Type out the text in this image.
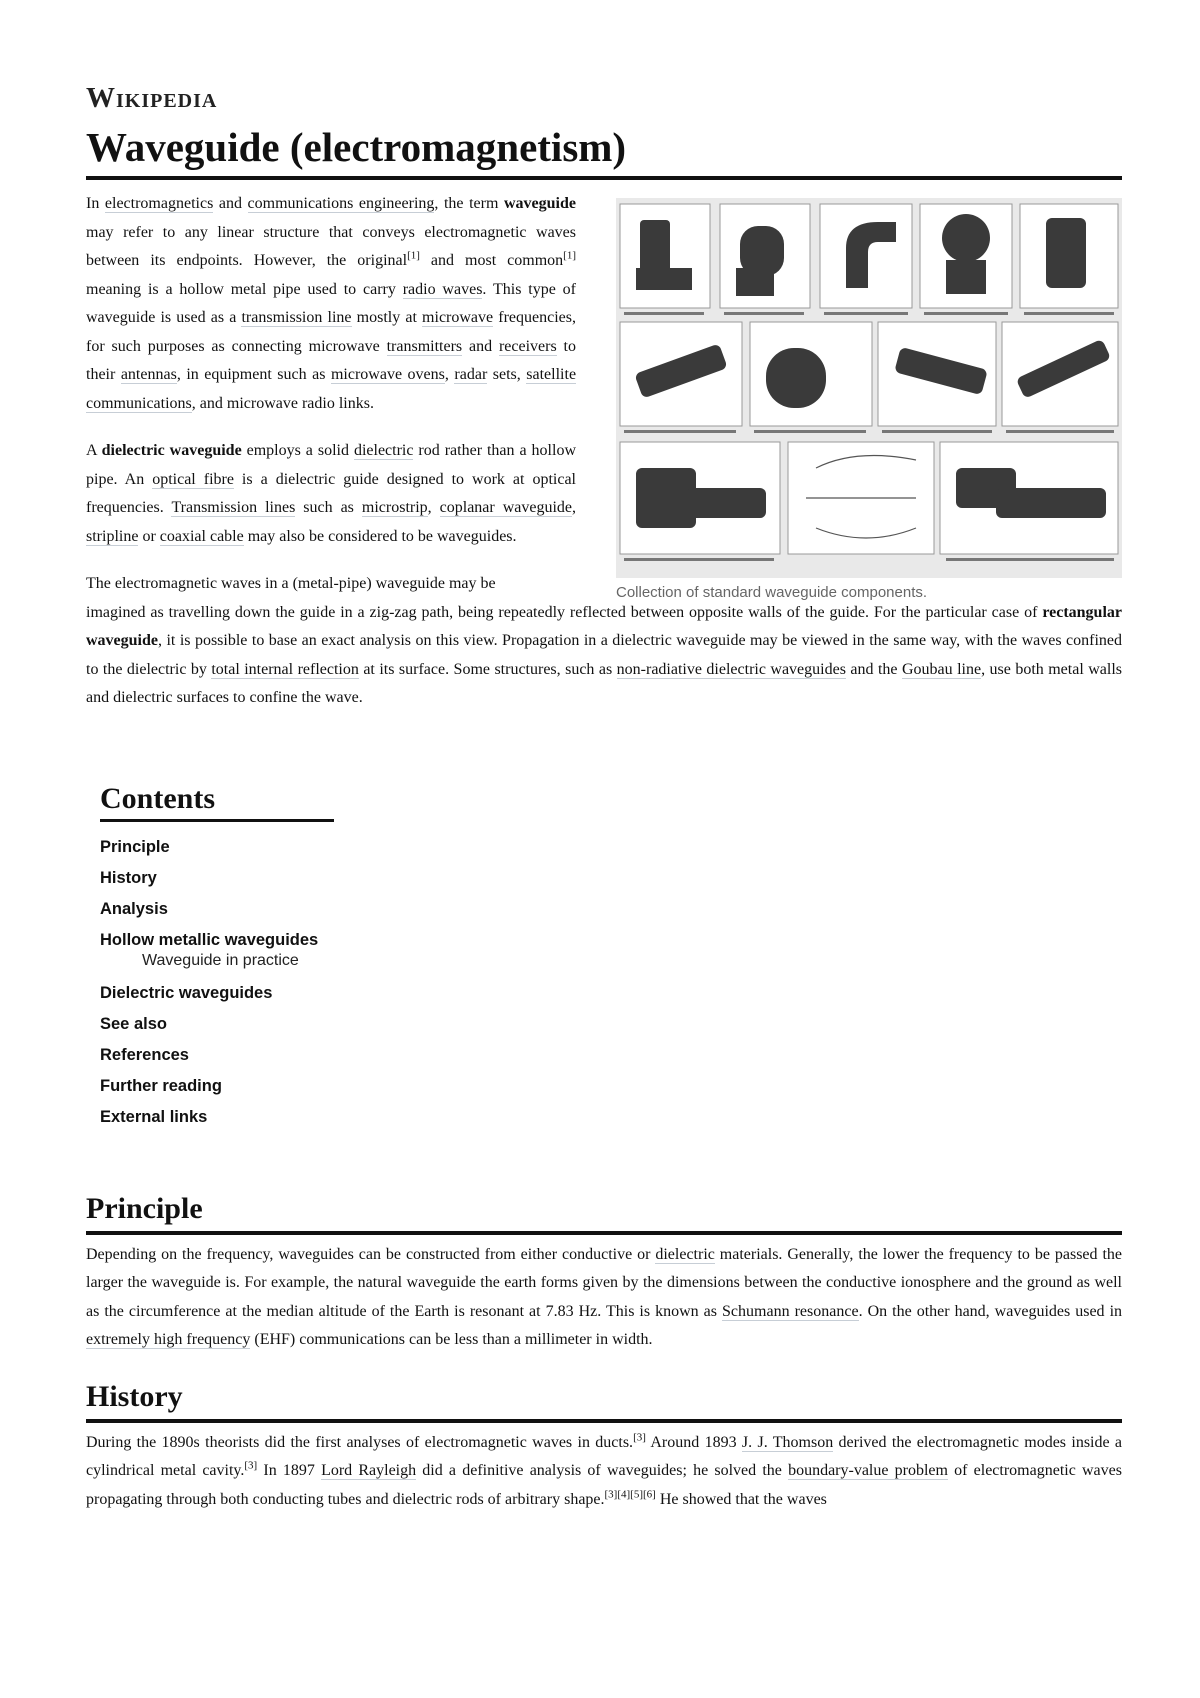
Wikipedia
Waveguide (electromagnetism)
Collection of standard waveguide components.

In electromagnetics and communications engineering, the term waveguide may refer to any linear structure that conveys electromagnetic waves between its endpoints. However, the original[1] and most common[1] meaning is a hollow metal pipe used to carry radio waves. This type of waveguide is used as a transmission line mostly at microwave frequencies, for such purposes as connecting microwave transmitters and receivers to their antennas, in equipment such as microwave ovens, radar sets, satellite communications, and microwave radio links.

A dielectric waveguide employs a solid dielectric rod rather than a hollow pipe. An optical fibre is a dielectric guide designed to work at optical frequencies. Transmission lines such as microstrip, coplanar waveguide, stripline or coaxial cable may also be considered to be waveguides.

The electromagnetic waves in a (metal-pipe) waveguide may be

imagined as travelling down the guide in a zig-zag path, being repeatedly reflected between opposite walls of the guide. For the particular case of rectangular waveguide, it is possible to base an exact analysis on this view. Propagation in a dielectric waveguide may be viewed in the same way, with the waves confined to the dielectric by total internal reflection at its surface. Some structures, such as non-radiative dielectric waveguides and the Goubau line, use both metal walls and dielectric surfaces to confine the wave.

Contents
Principle
History
Analysis
Hollow metallic waveguides
Waveguide in practice
Dielectric waveguides
See also
References
Further reading
External links
Principle

Depending on the frequency, waveguides can be constructed from either conductive or dielectric materials. Generally, the lower the frequency to be passed the larger the waveguide is. For example, the natural waveguide the earth forms given by the dimensions between the conductive ionosphere and the ground as well as the circumference at the median altitude of the Earth is resonant at 7.83 Hz. This is known as Schumann resonance. On the other hand, waveguides used in extremely high frequency (EHF) communications can be less than a millimeter in width.

History

During the 1890s theorists did the first analyses of electromagnetic waves in ducts.[3] Around 1893 J. J. Thomson derived the electromagnetic modes inside a cylindrical metal cavity.[3] In 1897 Lord Rayleigh did a definitive analysis of waveguides; he solved the boundary-value problem of electromagnetic waves propagating through both conducting tubes and dielectric rods of arbitrary shape.[3][4][5][6] He showed that the waves
